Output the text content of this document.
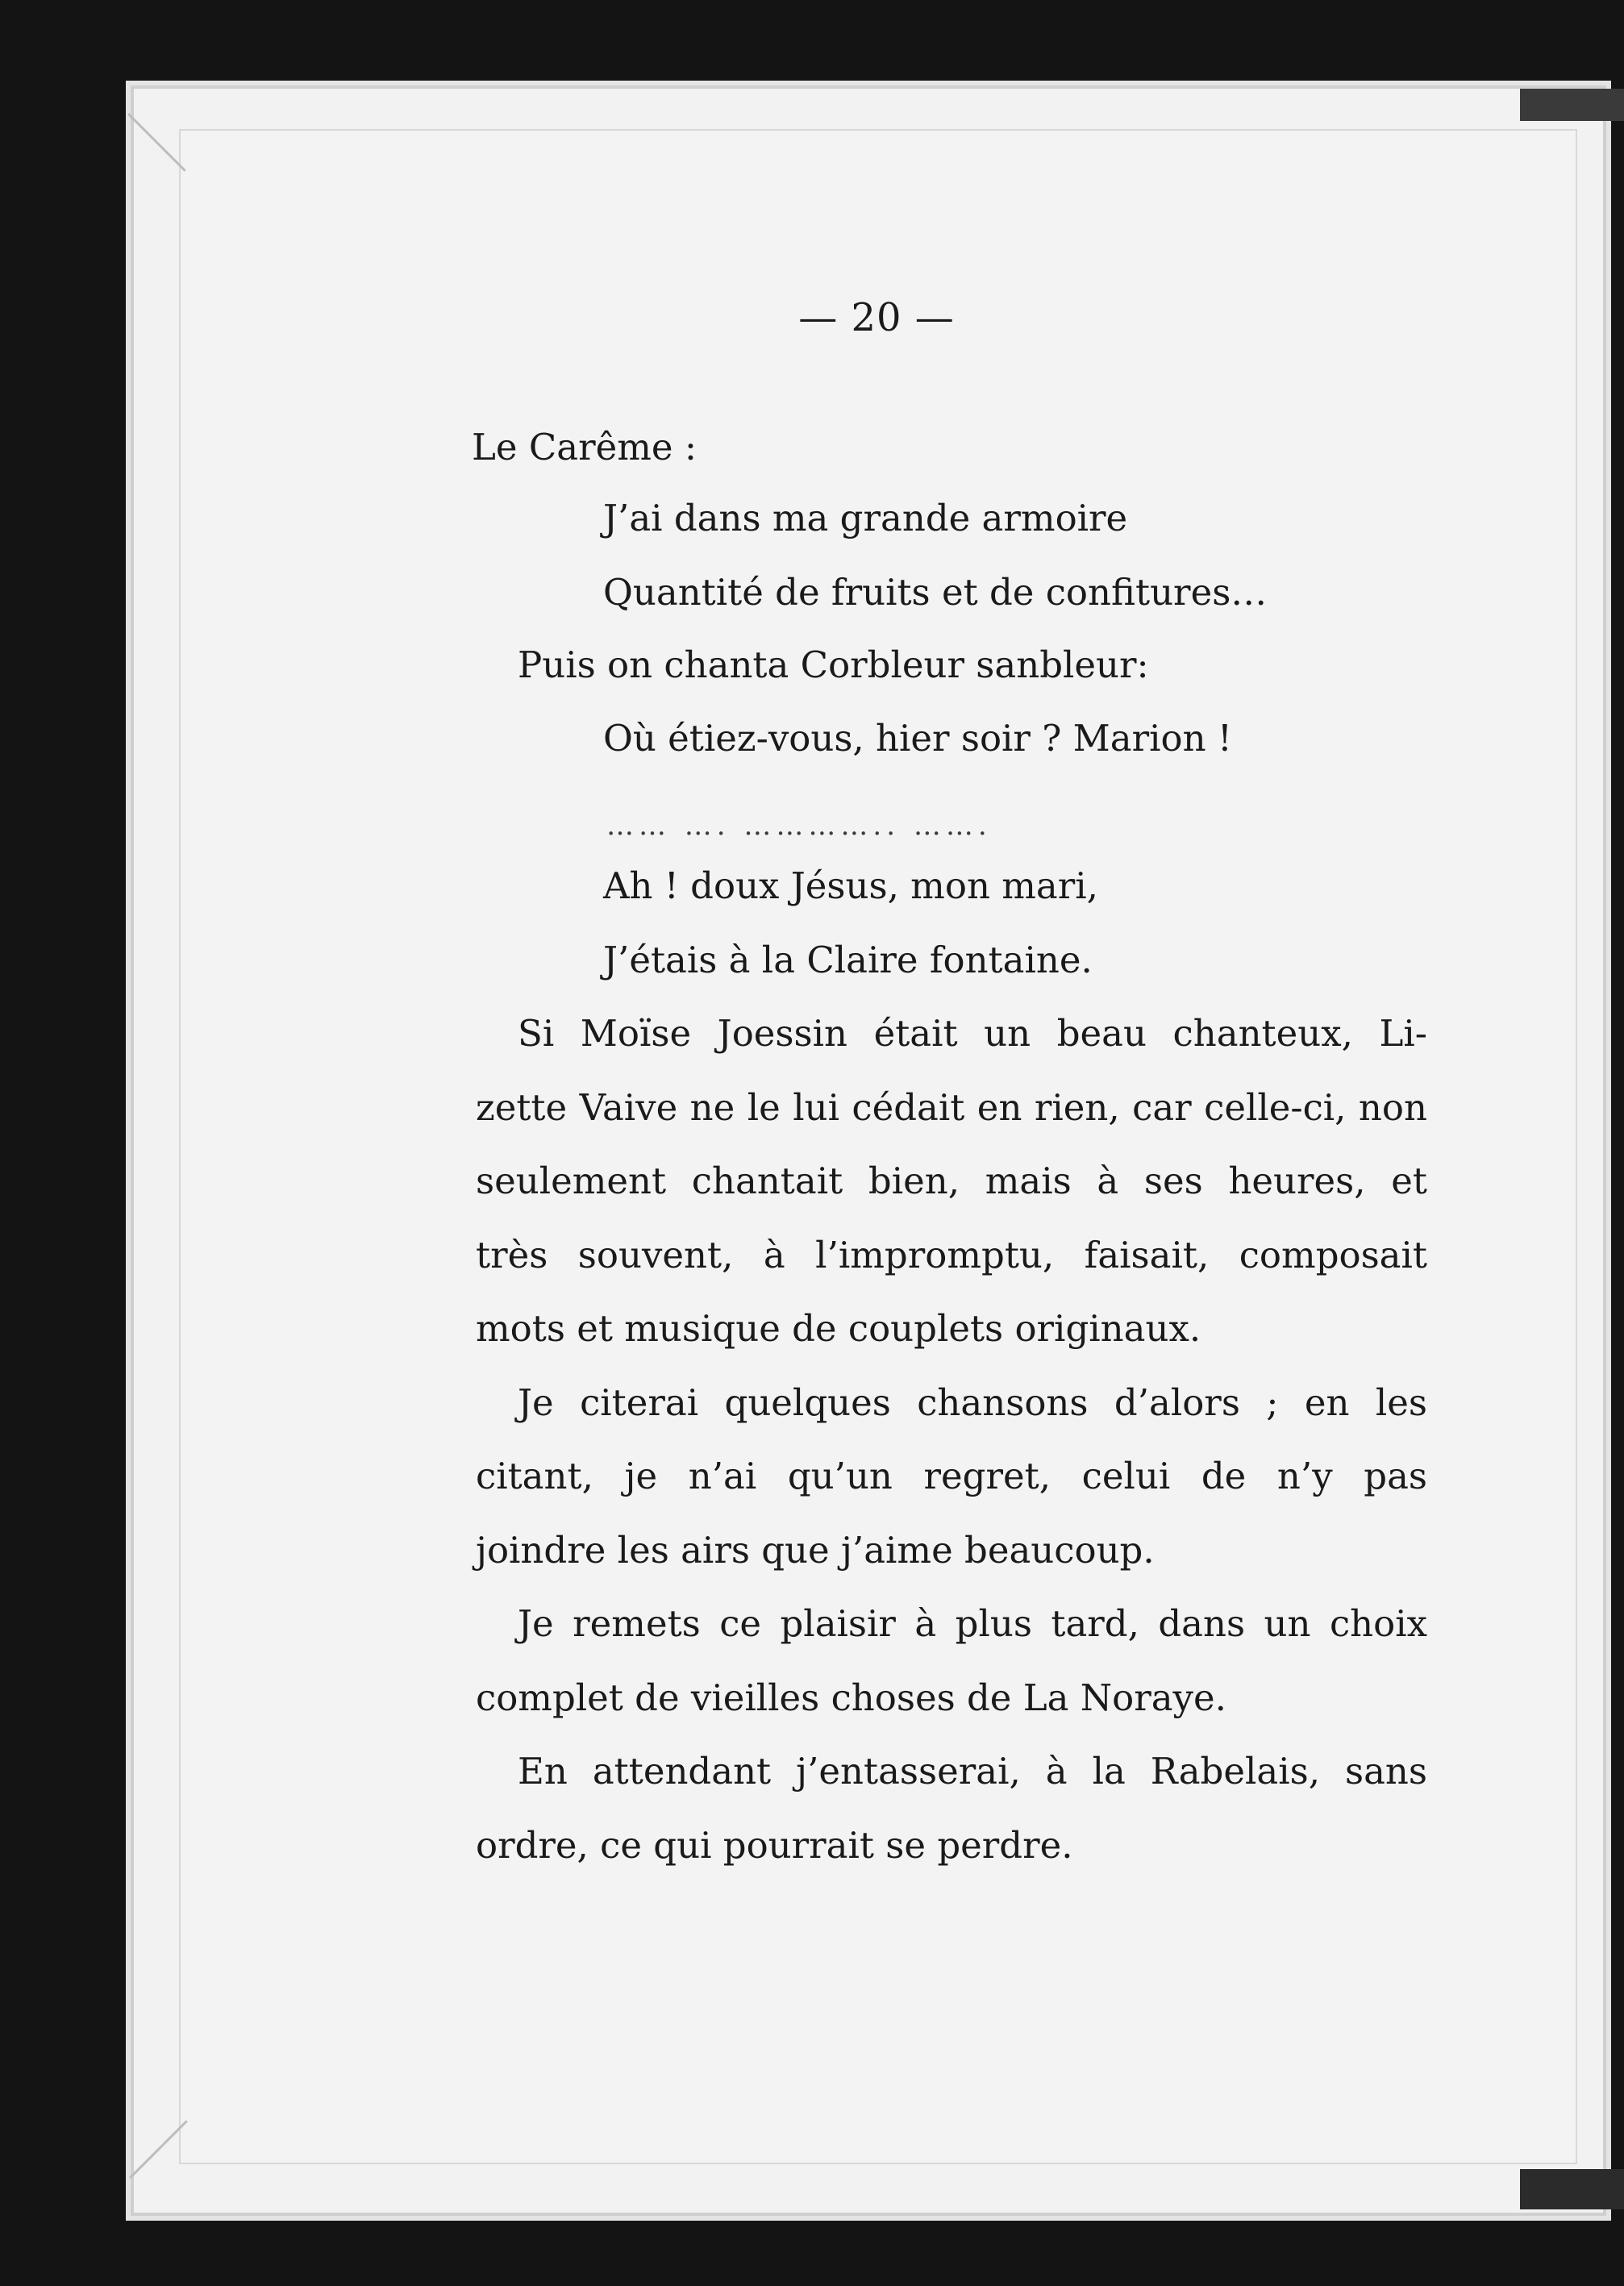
— 20 —
Le Carême :
J’ai dans ma grande armoire
Quantité de fruits et de confitures…
Puis on chanta Corbleur sanbleur:
Où étiez-vous, hier soir ? Marion !
…… …. ………….. …….
Ah ! doux Jésus, mon mari,
J’étais à la Claire fontaine.
Si Moïse Joessin était un beau chanteux, Li-
zette Vaive ne le lui cédait en rien, car celle-ci, non
seulement chantait bien, mais à ses heures, et
très souvent, à l’impromptu, faisait, composait
mots et musique de couplets originaux.
Je citerai quelques chansons d’alors ; en les
citant, je n’ai qu’un regret, celui de n’y pas
joindre les airs que j’aime beaucoup.
Je remets ce plaisir à plus tard, dans un choix
complet de vieilles choses de La Noraye.
En attendant j’entasserai, à la Rabelais, sans
ordre, ce qui pourrait se perdre.
